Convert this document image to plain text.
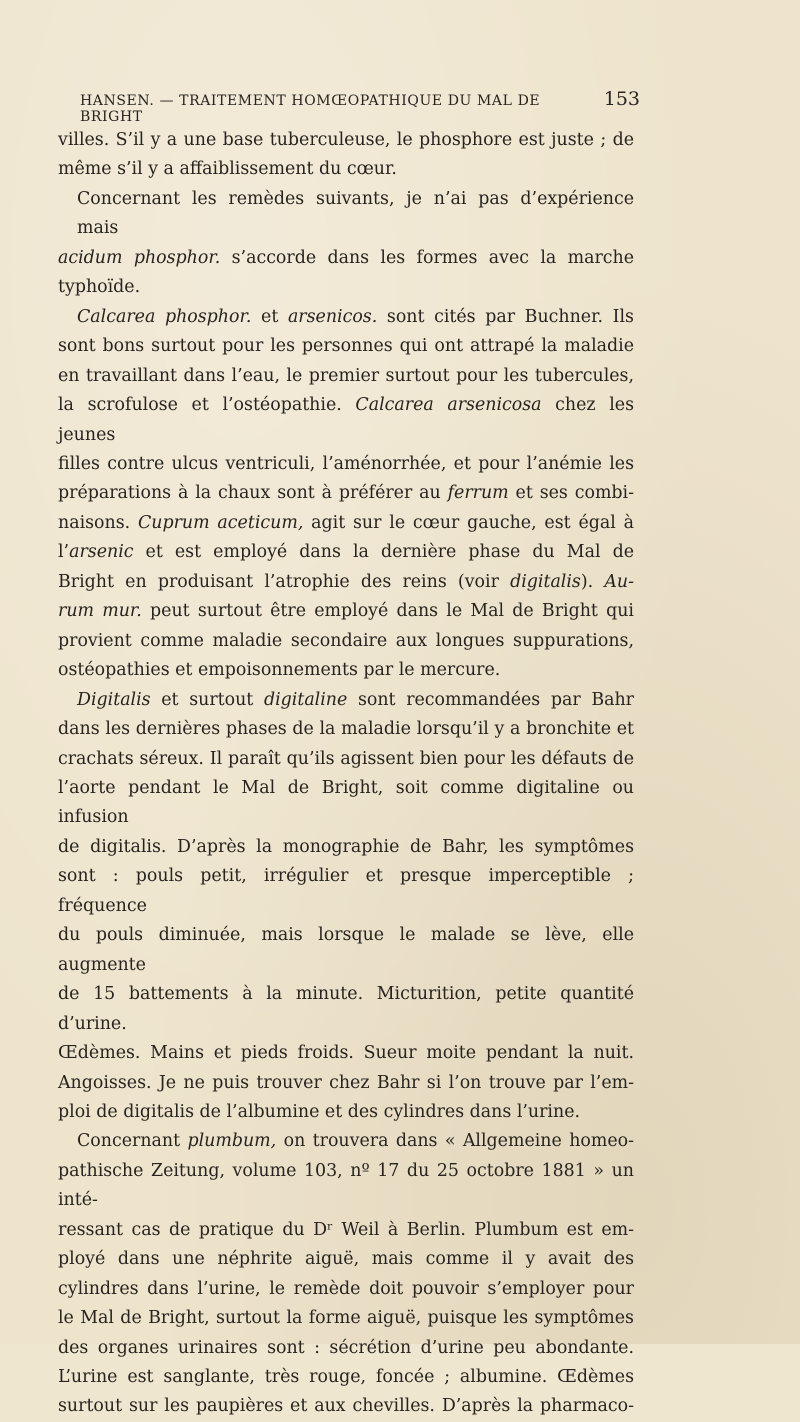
HANSEN. — TRAITEMENT HOMŒOPATHIQUE DU MAL DE BRIGHT
153

villes. S’il y a une base tuberculeuse, le phosphore est juste ; de

même s’il y a affaiblissement du cœur.

Concernant les remèdes suivants, je n’ai pas d’expérience mais

acidum phosphor. s’accorde dans les formes avec la marche

typhoïde.

Calcarea phosphor. et arsenicos. sont cités par Buchner. Ils

sont bons surtout pour les personnes qui ont attrapé la maladie

en travaillant dans l’eau, le premier surtout pour les tubercules,

la scrofulose et l’ostéopathie. Calcarea arsenicosa chez les jeunes

filles contre ulcus ventriculi, l’aménorrhée, et pour l’anémie les

préparations à la chaux sont à préférer au ferrum et ses combi-

naisons. Cuprum aceticum, agit sur le cœur gauche, est égal à

l’arsenic et est employé dans la dernière phase du Mal de

Bright en produisant l’atrophie des reins (voir digitalis). Au-

rum mur. peut surtout être employé dans le Mal de Bright qui

provient comme maladie secondaire aux longues suppurations,

ostéopathies et empoisonnements par le mercure.

Digitalis et surtout digitaline sont recommandées par Bahr

dans les dernières phases de la maladie lorsqu’il y a bronchite et

crachats séreux. Il paraît qu’ils agissent bien pour les défauts de

l’aorte pendant le Mal de Bright, soit comme digitaline ou infusion

de digitalis. D’après la monographie de Bahr, les symptômes

sont : pouls petit, irrégulier et presque imperceptible ; fréquence

du pouls diminuée, mais lorsque le malade se lève, elle augmente

de 15 battements à la minute. Micturition, petite quantité d’urine.

Œdèmes. Mains et pieds froids. Sueur moite pendant la nuit.

Angoisses. Je ne puis trouver chez Bahr si l’on trouve par l’em-

ploi de digitalis de l’albumine et des cylindres dans l’urine.

Concernant plumbum, on trouvera dans « Allgemeine homeo-

pathische Zeitung, volume 103, nº 17 du 25 octobre 1881 » un inté-

ressant cas de pratique du Dʳ Weil à Berlin. Plumbum est em-

ployé dans une néphrite aiguë, mais comme il y avait des

cylindres dans l’urine, le remède doit pouvoir s’employer pour

le Mal de Bright, surtout la forme aiguë, puisque les symptômes

des organes urinaires sont : sécrétion d’urine peu abondante.

L’urine est sanglante, très rouge, foncée ; albumine. Œdèmes

surtout sur les paupières et aux chevilles. D’après la pharmaco-
